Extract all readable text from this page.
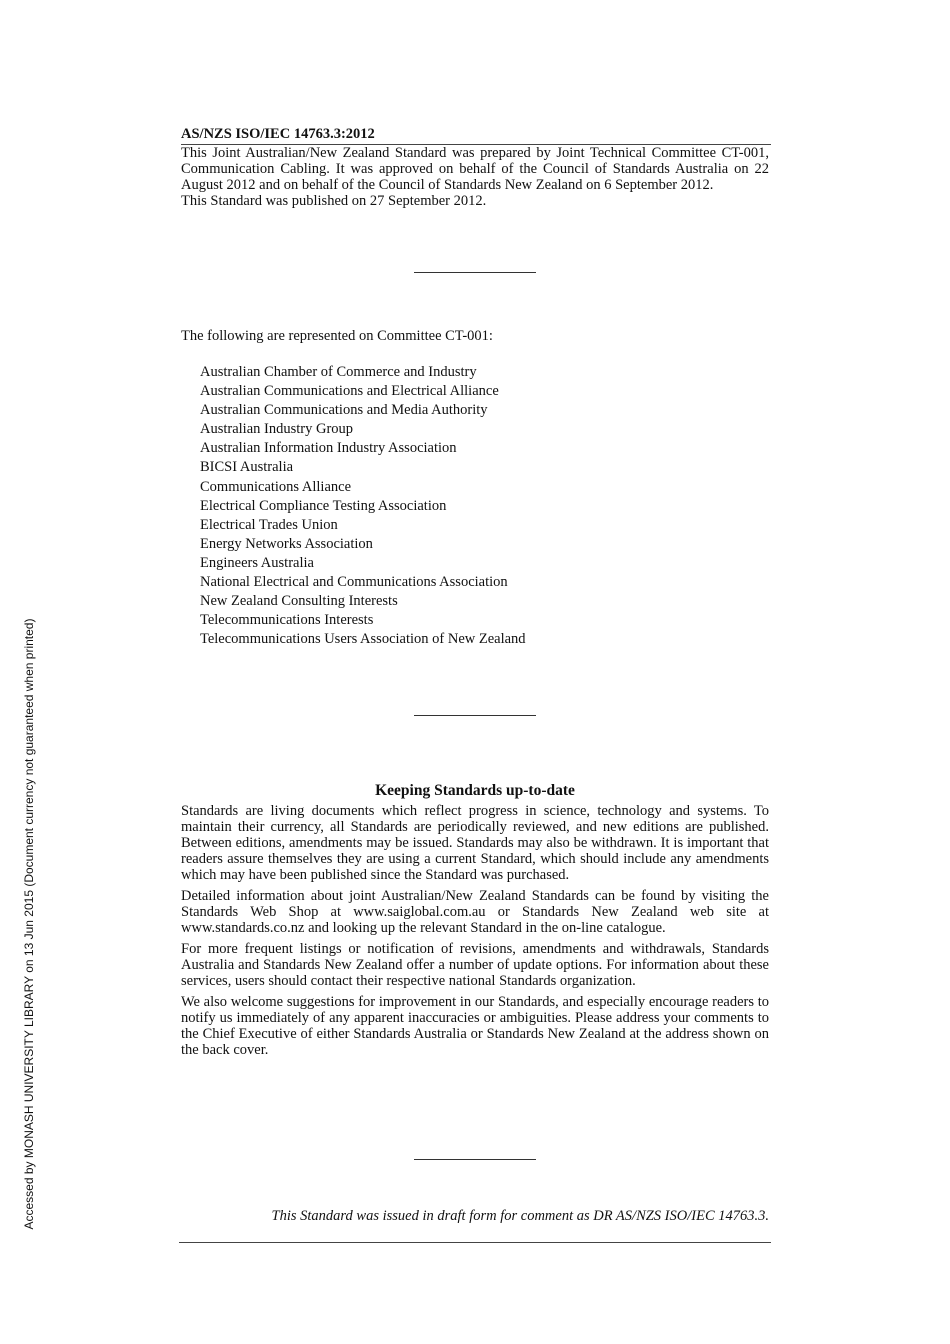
AS/NZS ISO/IEC 14763.3:2012

This Joint Australian/New Zealand Standard was prepared by Joint Technical Committee CT-001, Communication Cabling. It was approved on behalf of the Council of Standards Australia on 22 August 2012 and on behalf of the Council of Standards New Zealand on 6 September 2012.

This Standard was published on 27 September 2012.

The following are represented on Committee CT-001:

Australian Chamber of Commerce and Industry
Australian Communications and Electrical Alliance
Australian Communications and Media Authority
Australian Industry Group
Australian Information Industry Association
BICSI Australia
Communications Alliance
Electrical Compliance Testing Association
Electrical Trades Union
Energy Networks Association
Engineers Australia
National Electrical and Communications Association
New Zealand Consulting Interests
Telecommunications Interests
Telecommunications Users Association of New Zealand
Keeping Standards up-to-date

Standards are living documents which reflect progress in science, technology and systems. To maintain their currency, all Standards are periodically reviewed, and new editions are published. Between editions, amendments may be issued. Standards may also be withdrawn. It is important that readers assure themselves they are using a current Standard, which should include any amendments which may have been published since the Standard was purchased.

Detailed information about joint Australian/New Zealand Standards can be found by visiting the Standards Web Shop at www.saiglobal.com.au or Standards New Zealand web site at www.standards.co.nz and looking up the relevant Standard in the on-line catalogue.

For more frequent listings or notification of revisions, amendments and withdrawals, Standards Australia and Standards New Zealand offer a number of update options. For information about these services, users should contact their respective national Standards organization.

We also welcome suggestions for improvement in our Standards, and especially encourage readers to notify us immediately of any apparent inaccuracies or ambiguities. Please address your comments to the Chief Executive of either Standards Australia or Standards New Zealand at the address shown on the back cover.

This Standard was issued in draft form for comment as DR AS/NZS ISO/IEC 14763.3.

Accessed by MONASH UNIVERSITY LIBRARY on 13 Jun 2015 (Document currency not guaranteed when printed)
